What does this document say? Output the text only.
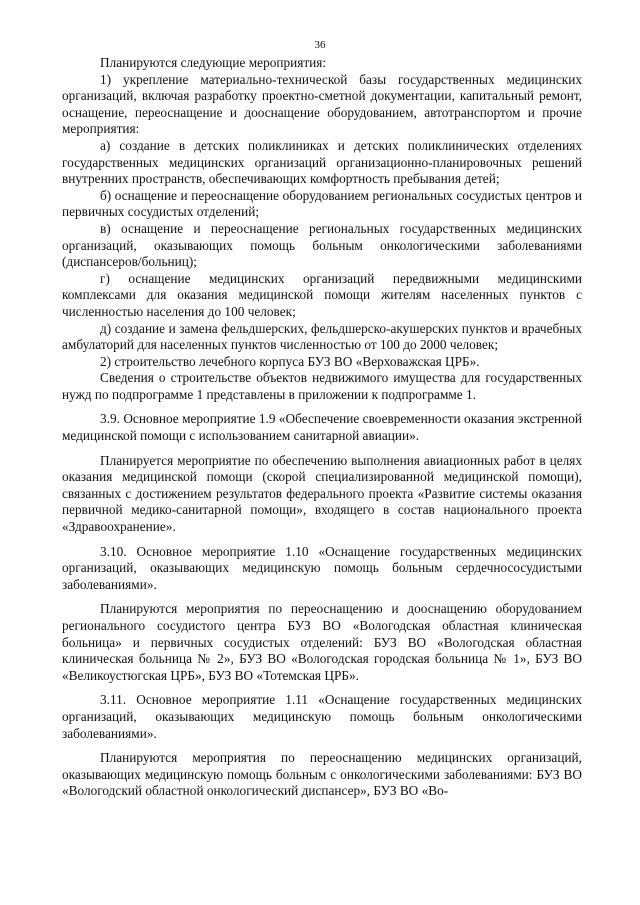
36

Планируются следующие мероприятия:

1) укрепление материально-технической базы государственных медицинских организаций, включая разработку проектно-сметной документации, капитальный ремонт, оснащение, переоснащение и дооснащение оборудованием, автотранспортом и прочие мероприятия:

а) создание в детских поликлиниках и детских поликлинических отделениях государственных медицинских организаций организационно-планировочных решений внутренних пространств, обеспечивающих комфортность пребывания детей;

б) оснащение и переоснащение оборудованием региональных сосудистых центров и первичных сосудистых отделений;

в) оснащение и переоснащение региональных государственных медицинских организаций, оказывающих помощь больным онкологическими заболеваниями (диспансеров/больниц);

г) оснащение медицинских организаций передвижными медицинскими комплексами для оказания медицинской помощи жителям населенных пунктов с численностью населения до 100 человек;

д) создание и замена фельдшерских, фельдшерско-акушерских пунктов и врачебных амбулаторий для населенных пунктов численностью от 100 до 2000 человек;

2) строительство лечебного корпуса БУЗ ВО «Верховажская ЦРБ».

Сведения о строительстве объектов недвижимого имущества для государственных нужд по подпрограмме 1 представлены в приложении к подпрограмме 1.

3.9. Основное мероприятие 1.9 «Обеспечение своевременности оказания экстренной медицинской помощи с использованием санитарной авиации».

Планируется мероприятие по обеспечению выполнения авиационных работ в целях оказания медицинской помощи (скорой специализированной медицинской помощи), связанных с достижением результатов федерального проекта «Развитие системы оказания первичной медико-санитарной помощи», входящего в состав национального проекта «Здравоохранение».

3.10. Основное мероприятие 1.10 «Оснащение государственных медицинских организаций, оказывающих медицинскую помощь больным сердечнососудистыми заболеваниями».

Планируются мероприятия по переоснащению и дооснащению оборудованием регионального сосудистого центра БУЗ ВО «Вологодская областная клиническая больница» и первичных сосудистых отделений: БУЗ ВО «Вологодская областная клиническая больница № 2», БУЗ ВО «Вологодская городская больница № 1», БУЗ ВО «Великоустюгская ЦРБ», БУЗ ВО «Тотемская ЦРБ».

3.11. Основное мероприятие 1.11 «Оснащение государственных медицинских организаций, оказывающих медицинскую помощь больным онкологическими заболеваниями».

Планируются мероприятия по переоснащению медицинских организаций, оказывающих медицинскую помощь больным с онкологическими заболеваниями: БУЗ ВО «Вологодский областной онкологический диспансер», БУЗ ВО «Во-
